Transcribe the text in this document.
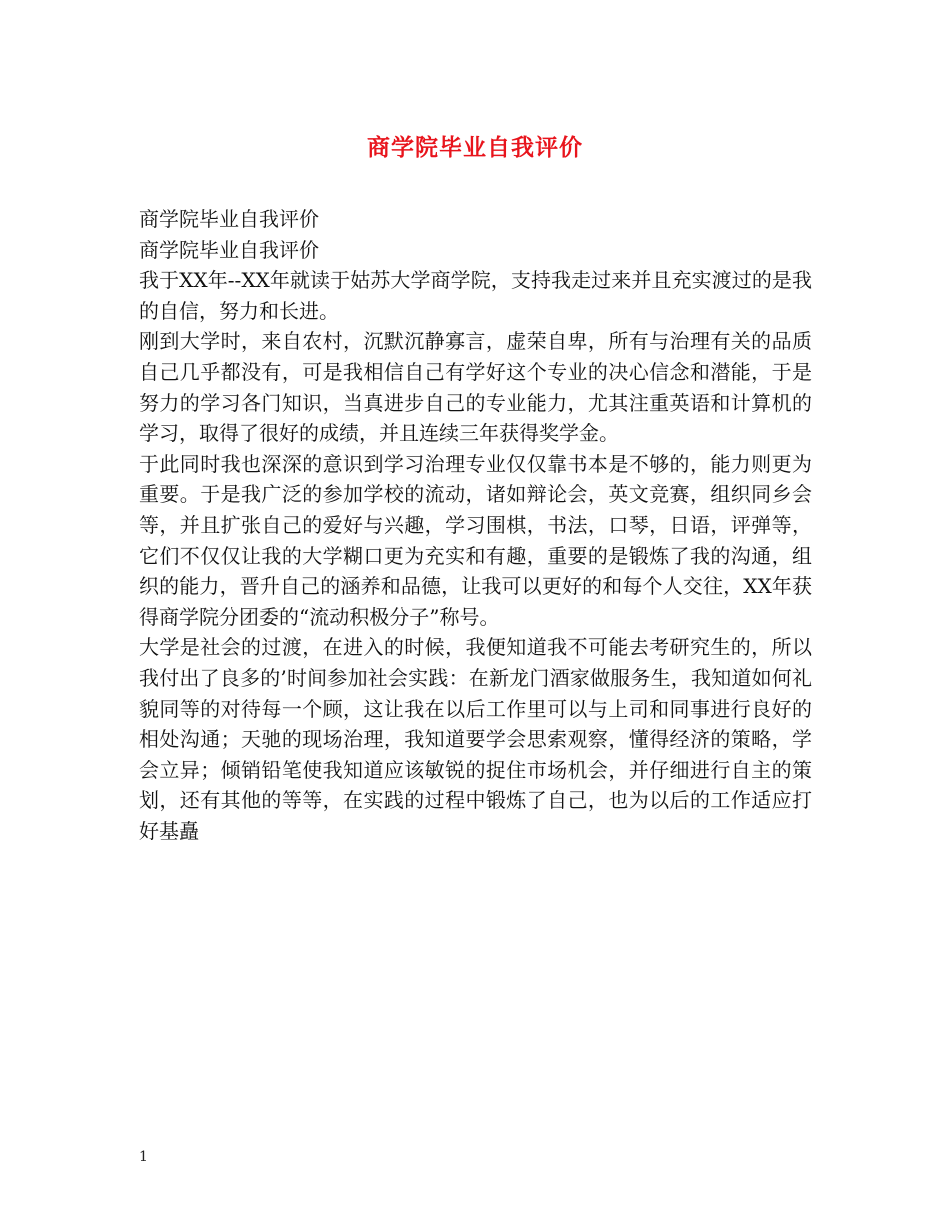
商学院毕业自我评价

商学院毕业自我评价

商学院毕业自我评价

我于XX年--XX年就读于姑苏大学商学院，支持我走过来并且充实渡过的是我的自信，努力和长进。

刚到大学时，来自农村，沉默沉静寡言，虚荣自卑，所有与治理有关的品质自己几乎都没有，可是我相信自己有学好这个专业的决心信念和潜能，于是努力的学习各门知识，当真进步自己的专业能力，尤其注重英语和计算机的学习，取得了很好的成绩，并且连续三年获得奖学金。

于此同时我也深深的意识到学习治理专业仅仅靠书本是不够的，能力则更为重要。于是我广泛的参加学校的流动，诸如辩论会，英文竞赛，组织同乡会等，并且扩张自己的爱好与兴趣，学习围棋，书法，口琴，日语，评弹等，它们不仅仅让我的大学糊口更为充实和有趣，重要的是锻炼了我的沟通，组织的能力，晋升自己的涵养和品德，让我可以更好的和每个人交往，XX年获得商学院分团委的“流动积极分子”称号。

大学是社会的过渡，在进入的时候，我便知道我不可能去考研究生的，所以我付出了良多的’时间参加社会实践：在新龙门酒家做服务生，我知道如何礼貌同等的对待每一个顾，这让我在以后工作里可以与上司和同事进行良好的相处沟通；天驰的现场治理，我知道要学会思索观察，懂得经济的策略，学会立异；倾销铅笔使我知道应该敏锐的捉住市场机会，并仔细进行自主的策划，还有其他的等等，在实践的过程中锻炼了自己，也为以后的工作适应打好基矗

1
